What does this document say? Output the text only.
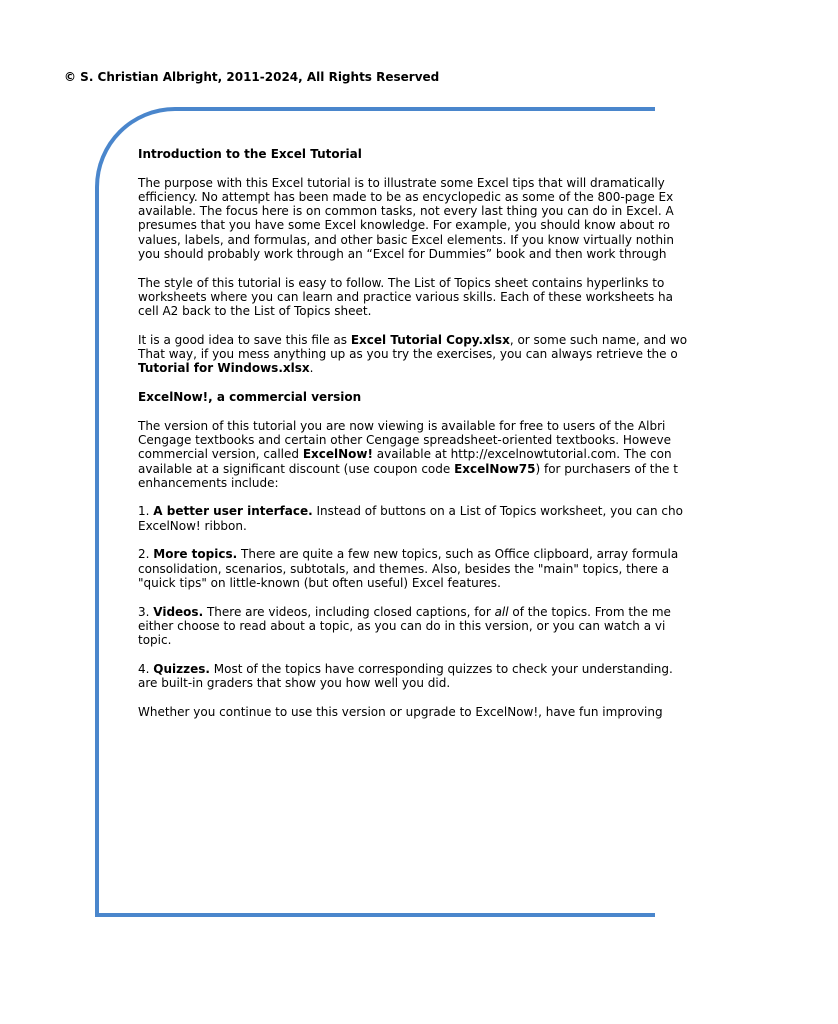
© S. Christian Albright, 2011-2024, All Rights Reserved

Introduction to the Excel Tutorial

The purpose with this Excel tutorial is to illustrate some Excel tips that will dramatically
efficiency. No attempt has been made to be as encyclopedic as some of the 800-page Ex
available. The focus here is on common tasks, not every last thing you can do in Excel. A
presumes that you have some Excel knowledge. For example, you should know about ro
values, labels, and formulas, and other basic Excel elements. If you know virtually nothin
you should probably work through an “Excel for Dummies” book and then work through

The style of this tutorial is easy to follow. The List of Topics sheet contains hyperlinks to
worksheets where you can learn and practice various skills. Each of these worksheets ha
cell A2 back to the List of Topics sheet.

It is a good idea to save this file as Excel Tutorial Copy.xlsx, or some such name, and wo
That way, if you mess anything up as you try the exercises, you can always retrieve the o
Tutorial for Windows.xlsx.

ExcelNow!, a commercial version

The version of this tutorial you are now viewing is available for free to users of the Albri
Cengage textbooks and certain other Cengage spreadsheet-oriented textbooks. Howeve
commercial version, called ExcelNow! available at http://excelnowtutorial.com. The con
available at a significant discount (use coupon code ExcelNow75) for purchasers of the t
enhancements include:

1. A better user interface. Instead of buttons on a List of Topics worksheet, you can cho
ExcelNow! ribbon.

2. More topics. There are quite a few new topics, such as Office clipboard, array formula
consolidation, scenarios, subtotals, and themes. Also, besides the "main" topics, there a
"quick tips" on little-known (but often useful) Excel features.

3. Videos. There are videos, including closed captions, for all of the topics. From the me
either choose to read about a topic, as you can do in this version, or you can watch a vi
topic.

4. Quizzes. Most of the topics have corresponding quizzes to check your understanding.
are built-in graders that show you how well you did.

Whether you continue to use this version or upgrade to ExcelNow!, have fun improving
